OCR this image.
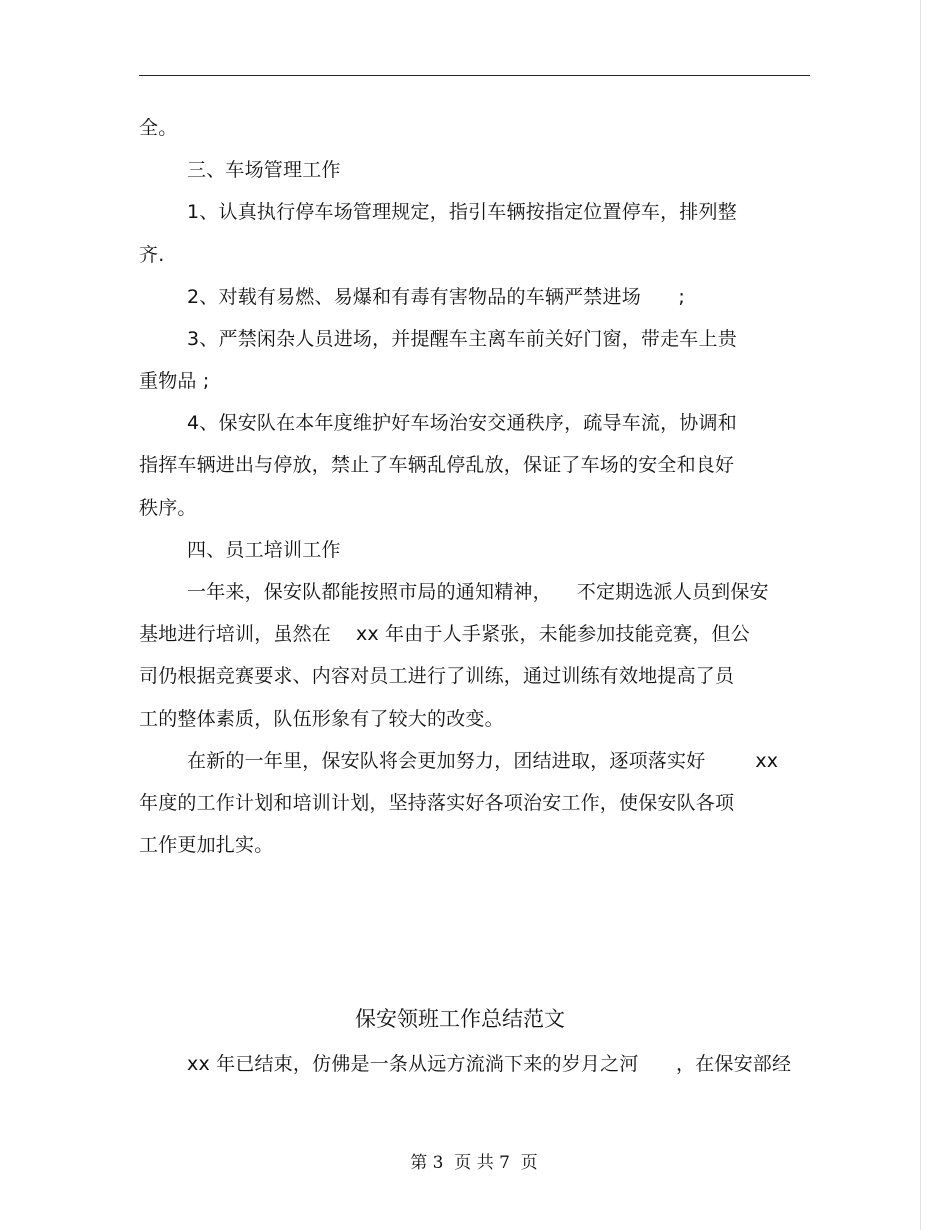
全。
三、车场管理工作
1、认真执行停车场管理规定，指引车辆按指定位置停车，排列整
齐.
2、对载有易燃、易爆和有毒有害物品的车辆严禁进场      ;
3、严禁闲杂人员进场，并提醒车主离车前关好门窗，带走车上贵
重物品 ;
4、保安队在本年度维护好车场治安交通秩序，疏导车流，协调和
指挥车辆进出与停放，禁止了车辆乱停乱放，保证了车场的安全和良好
秩序。
四、员工培训工作
一年来，保安队都能按照市局的通知精神，    不定期选派人员到保安
基地进行培训，虽然在    xx 年由于人手紧张，未能参加技能竞赛，但公
司仍根据竞赛要求、内容对员工进行了训练，通过训练有效地提高了员
工的整体素质，队伍形象有了较大的改变。
在新的一年里，保安队将会更加努力，团结进取，逐项落实好        xx
年度的工作计划和培训计划，坚持落实好各项治安工作，使保安队各项
工作更加扎实。
保安领班工作总结范文
xx 年已结束，仿佛是一条从远方流淌下来的岁月之河      ，在保安部经
第 3  页 共 7  页
